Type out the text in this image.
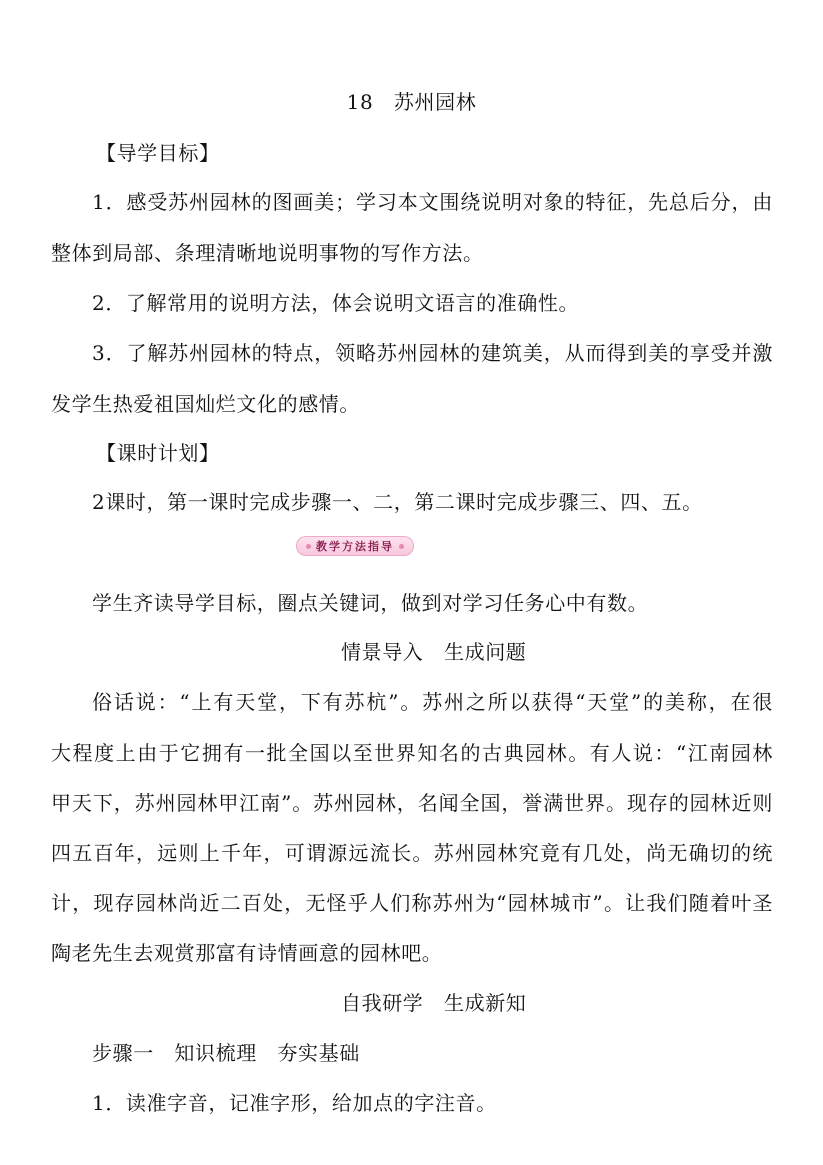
18　苏州园林
【导学目标】
1．感受苏州园林的图画美；学习本文围绕说明对象的特征，先总后分，由
整体到局部、条理清晰地说明事物的写作方法。
2．了解常用的说明方法，体会说明文语言的准确性。
3．了解苏州园林的特点，领略苏州园林的建筑美，从而得到美的享受并激
发学生热爱祖国灿烂文化的感情。
【课时计划】
2课时，第一课时完成步骤一、二，第二课时完成步骤三、四、五。
教学方法指导
学生齐读导学目标，圈点关键词，做到对学习任务心中有数。
情景导入　生成问题
俗话说：“上有天堂，下有苏杭”。苏州之所以获得“天堂”的美称，在很
大程度上由于它拥有一批全国以至世界知名的古典园林。有人说：“江南园林
甲天下，苏州园林甲江南”。苏州园林，名闻全国，誉满世界。现存的园林近则
四五百年，远则上千年，可谓源远流长。苏州园林究竟有几处，尚无确切的统
计，现存园林尚近二百处，无怪乎人们称苏州为“园林城市”。让我们随着叶圣
陶老先生去观赏那富有诗情画意的园林吧。
自我研学　生成新知
步骤一　知识梳理　夯实基础
1．读准字音，记准字形，给加点的字注音。
